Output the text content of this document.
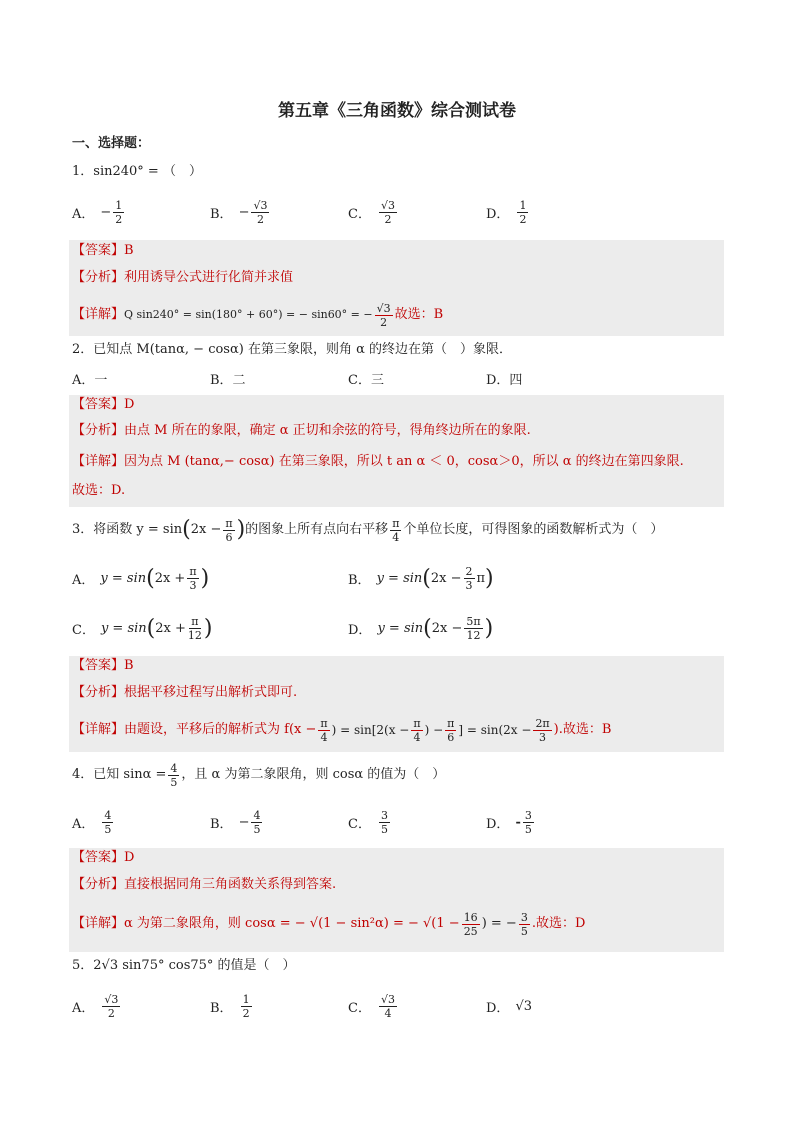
第五章《三角函数》综合测试卷
一、选择题：
1．sin240° = （　）
A． − $\frac{1}{2}$	B． − $\frac{√3}{2}$	C． $\frac{√3}{2}$	D． $\frac{1}{2}$
【答案】B
【分析】利用诱导公式进行化简并求值
【详解】 Q sin240° = sin(180° + 60°) = − sin60° = − $\frac{√3}{2}$ 故选：B
2．已知点 M(tanα, − cosα) 在第三象限，则角 α 的终边在第（　）象限．
A．一	B．二	C．三	D．四
【答案】D
【分析】由点 M 所在的象限，确定 α 正切和余弦的符号，得角终边所在的象限.
【详解】因为点 M (tanα,− cosα) 在第三象限，所以 t an α ＜ 0，cosα＞0，所以 α 的终边在第四象限.
故选：D.
3．将函数 y = sin ( $2x - \frac{\pi}{6}$ ) 的图象上所有点向右平移 $\frac{\pi}{4}$ 个单位长度，可得图象的函数解析式为（　）
A． y = sin ( $2x + \frac{\pi}{3}$ )	B． y = sin ( $2x - \frac{2}{3}$ π )
C． y = sin ( $2x + \frac{\pi}{12}$ )	D． y = sin ( $2x - \frac{5\pi}{12}$ )
【答案】B
【分析】根据平移过程写出解析式即可.
【详解】 由题设，平移后的解析式为 $f(x - \frac{\pi}{4}$ ) = $\sin[2(x - \frac{\pi}{4}$ ) − $\frac{\pi}{6}$ ] = $\sin(2x - \frac{2\pi}{3}$ ).故选：B
4．已知 $\sin\alpha = \frac{4}{5}$ ，且 α 为第二象限角，则 cosα 的值为（　）
A． $\frac{4}{5}$	B． − $\frac{4}{5}$	C． $\frac{3}{5}$	D． - $\frac{3}{5}$
【答案】D
【分析】直接根据同角三角函数关系得到答案.
【详解】 α 为第二象限角，则 cosα = − √(1 − sin²α) = − $√(1 - \frac{16}{25}$ ) = − $\frac{3}{5}$ .故选：D
5．2√3 sin75° cos75° 的值是（　）
A． $\frac{√3}{2}$	B． $\frac{1}{2}$	C． $\frac{√3}{4}$	D． √3
